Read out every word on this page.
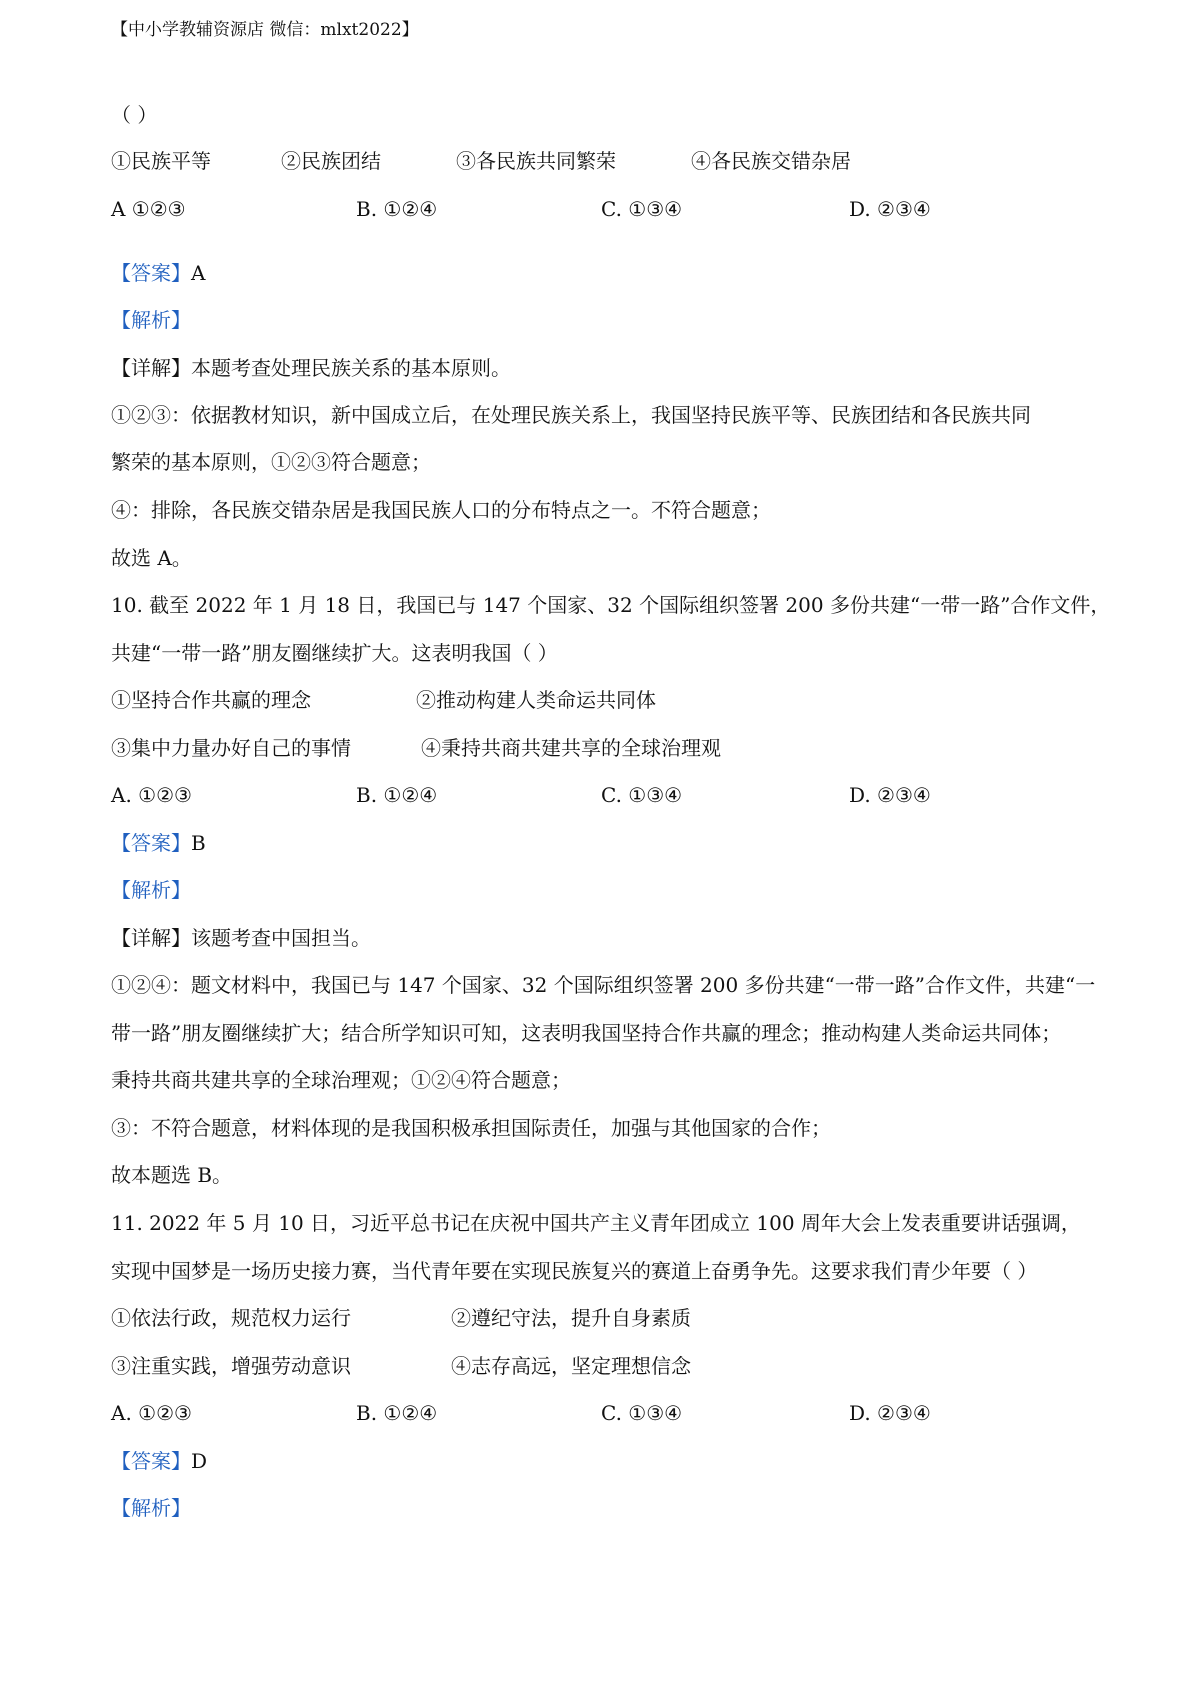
【中小学教辅资源店 微信：mlxt2022】
（ ）
①民族平等	②民族团结	③各民族共同繁荣	④各民族交错杂居
A ①②③	B. ①②④	C. ①③④	D. ②③④
【答案】A
【解析】
【详解】本题考查处理民族关系的基本原则。
①②③：依据教材知识，新中国成立后，在处理民族关系上，我国坚持民族平等、民族团结和各民族共同
繁荣的基本原则，①②③符合题意；
④：排除，各民族交错杂居是我国民族人口的分布特点之一。不符合题意；
故选 A。
10. 截至 2022 年 1 月 18 日，我国已与 147 个国家、32 个国际组织签署 200 多份共建“一带一路”合作文件，
共建“一带一路”朋友圈继续扩大。这表明我国（ ）
①坚持合作共赢的理念	②推动构建人类命运共同体
③集中力量办好自己的事情	④秉持共商共建共享的全球治理观
A. ①②③	B. ①②④	C. ①③④	D. ②③④
【答案】B
【解析】
【详解】该题考查中国担当。
①②④：题文材料中，我国已与 147 个国家、32 个国际组织签署 200 多份共建“一带一路”合作文件，共建“一
带一路”朋友圈继续扩大；结合所学知识可知，这表明我国坚持合作共赢的理念；推动构建人类命运共同体；
秉持共商共建共享的全球治理观；①②④符合题意；
③：不符合题意，材料体现的是我国积极承担国际责任，加强与其他国家的合作；
故本题选 B。
11. 2022 年 5 月 10 日，习近平总书记在庆祝中国共产主义青年团成立 100 周年大会上发表重要讲话强调，
实现中国梦是一场历史接力赛，当代青年要在实现民族复兴的赛道上奋勇争先。这要求我们青少年要（ ）
①依法行政，规范权力运行	②遵纪守法，提升自身素质
③注重实践，增强劳动意识	④志存高远，坚定理想信念
A. ①②③	B. ①②④	C. ①③④	D. ②③④
【答案】D
【解析】
